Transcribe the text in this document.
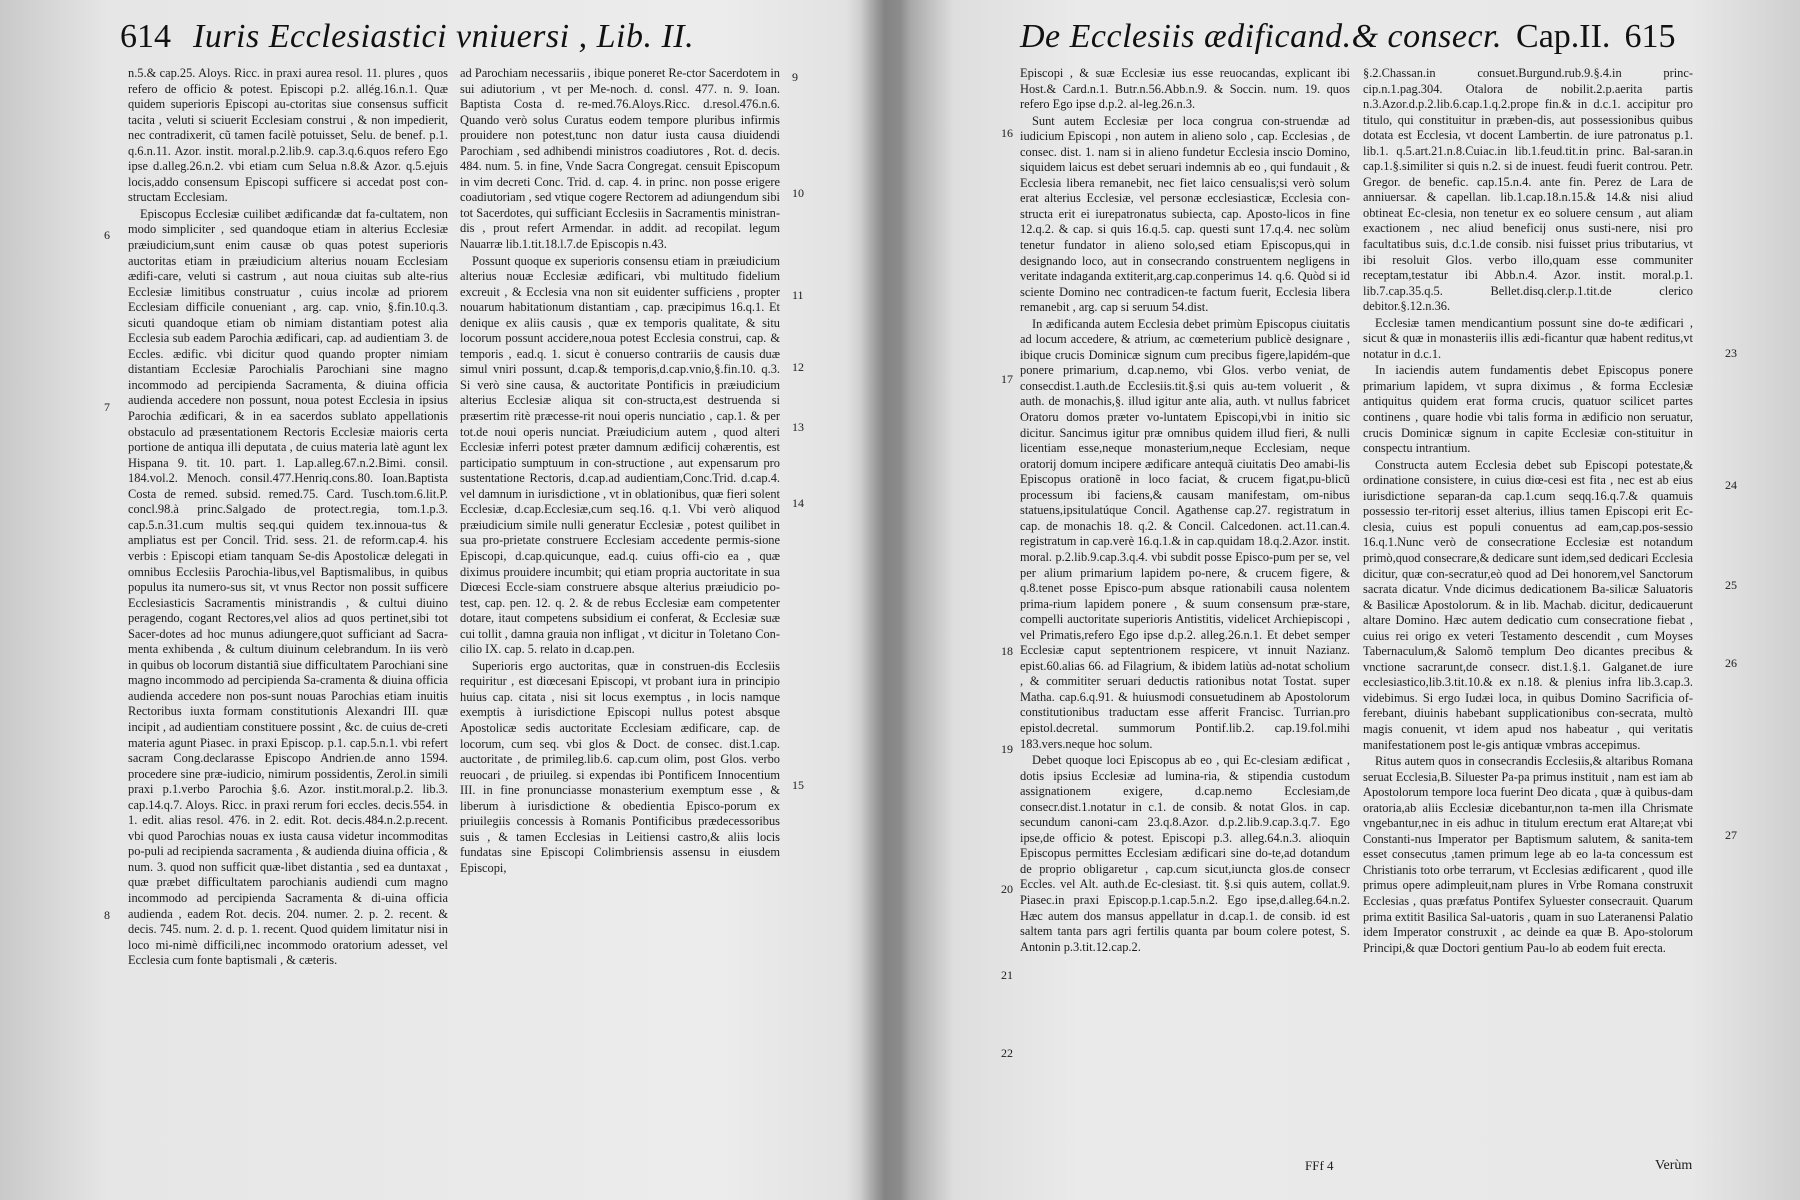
614 Iuris Ecclesiastici vniuersi , Lib. II.
6
7
8

n.5.& cap.25. Aloys. Ricc. in praxi aurea resol. 11. plures , quos refero de officio & potest. Episcopi p.2. allég.16.n.1. Quæ quidem superioris Episcopi au-ctoritas siue consensus sufficit tacita , veluti si sciuerit Ecclesiam construi , & non impedierit, nec contradixerit, cũ tamen facilè potuisset, Selu. de benef. p.1. q.6.n.11. Azor. instit. moral.p.2.lib.9. cap.3.q.6.quos refero Ego ipse d.alleg.26.n.2. vbi etiam cum Selua n.8.& Azor. q.5.ejuis locis,addo consensum Episcopi sufficere si accedat post con-structam Ecclesiam.

Episcopus Ecclesiæ cuilibet ædificandæ dat fa-cultatem, non modo simpliciter , sed quandoque etiam in alterius Ecclesiæ præiudicium,sunt enim causæ ob quas potest superioris auctoritas etiam in præiudicium alterius nouam Ecclesiam ædifi-care, veluti si castrum , aut noua ciuitas sub alte-rius Ecclesiæ limitibus construatur , cuius incolæ ad priorem Ecclesiam difficile conueniant , arg. cap. vnio, §.fin.10.q.3. sicuti quandoque etiam ob nimiam distantiam potest alia Ecclesia sub eadem Parochia ædificari, cap. ad audientiam 3. de Eccles. ædific. vbi dicitur quod quando propter nimiam distantiam Ecclesiæ Parochialis Parochiani sine magno incommodo ad percipienda Sacramenta, & diuina officia audienda accedere non possunt, noua potest Ecclesia in ipsius Parochia ædificari, & in ea sacerdos sublato appellationis obstaculo ad præsentationem Rectoris Ecclesiæ maioris certa portione de antiqua illi deputata , de cuius materia latè agunt lex Hispana 9. tit. 10. part. 1. Lap.alleg.67.n.2.Bimi. consil. 184.vol.2. Menoch. consil.477.Henriq.cons.80. Ioan.Baptista Costa de remed. subsid. remed.75. Card. Tusch.tom.6.lit.P. concl.98.à princ.Salgado de protect.regia, tom.1.p.3. cap.5.n.31.cum multis seq.qui quidem tex.innoua-tus & ampliatus est per Concil. Trid. sess. 21. de reform.cap.4. his verbis : Episcopi etiam tanquam Se-dis Apostolicæ delegati in omnibus Ecclesiis Parochia-libus,vel Baptismalibus, in quibus populus ita numero-sus sit, vt vnus Rector non possit sufficere Ecclesiasticis Sacramentis ministrandis , & cultui diuino peragendo, cogant Rectores,vel alios ad quos pertinet,sibi tot Sacer-dotes ad hoc munus adiungere,quot sufficiant ad Sacra-menta exhibenda , & cultum diuinum celebrandum. In iis verò in quibus ob locorum distantiã siue difficultatem Parochiani sine magno incommodo ad percipienda Sa-cramenta & diuina officia audienda accedere non pos-sunt nouas Parochias etiam inuitis Rectoribus iuxta formam constitutionis Alexandri III. quæ incipit , ad audientiam constituere possint , &c. de cuius de-creti materia agunt Piasec. in praxi Episcop. p.1. cap.5.n.1. vbi refert sacram Cong.declarasse Episcopo Andrien.de anno 1594. procedere sine præ-iudicio, nimirum possidentis, Zerol.in simili praxi p.1.verbo Parochia §.6. Azor. instit.moral.p.2. lib.3. cap.14.q.7. Aloys. Ricc. in praxi rerum fori eccles. decis.554. in 1. edit. alias resol. 476. in 2. edit. Rot. decis.484.n.2.p.recent. vbi quod Parochias nouas ex iusta causa videtur incommoditas po-puli ad recipienda sacramenta , & audienda diuina officia , & num. 3. quod non sufficit quæ-libet distantia , sed ea duntaxat , quæ præbet difficultatem parochianis audiendi cum magno incommodo ad percipienda Sacramenta & di-uina officia audienda , eadem Rot. decis. 204. numer. 2. p. 2. recent. & decis. 745. num. 2. d. p. 1. recent. Quod quidem limitatur nisi in loco mi-nimè difficili,nec incommodo oratorium adesset, vel Ecclesia cum fonte baptismali , & cæteris.

ad Parochiam necessariis , ibique poneret Re-ctor Sacerdotem in sui adiutorium , vt per Me-noch. d. consl. 477. n. 9. Ioan. Baptista Costa d. re-med.76.Aloys.Ricc. d.resol.476.n.6. Quando verò solus Curatus eodem tempore pluribus infirmis prouidere non potest,tunc non datur iusta causa diuidendi Parochiam , sed adhibendi ministros coadiutores , Rot. d. decis. 484. num. 5. in fine, Vnde Sacra Congregat. censuit Episcopum in vim decreti Conc. Trid. d. cap. 4. in princ. non posse erigere coadiutoriam , sed vtique cogere Rectorem ad adiungendum sibi tot Sacerdotes, qui sufficiant Ecclesiis in Sacramentis ministran-dis , prout refert Armendar. in addit. ad recopilat. legum Nauarræ lib.1.tit.18.l.7.de Episcopis n.43.

Possunt quoque ex superioris consensu etiam in præiudicium alterius nouæ Ecclesiæ ædificari, vbi multitudo fidelium excreuit , & Ecclesia vna non sit euidenter sufficiens , propter nouarum habitationum distantiam , cap. præcipimus 16.q.1. Et denique ex aliis causis , quæ ex temporis qualitate, & situ locorum possunt accidere,noua potest Ecclesia construi, cap. & temporis , ead.q. 1. sicut è conuerso contrariis de causis duæ simul vniri possunt, d.cap.& temporis,d.cap.vnio,§.fin.10. q.3. Si verò sine causa, & auctoritate Pontificis in præiudicium alterius Ecclesiæ aliqua sit con-structa,est destruenda si præsertim ritè præcesse-rit noui operis nunciatio , cap.1. & per tot.de noui operis nunciat. Præiudicium autem , quod alteri Ecclesiæ inferri potest præter damnum ædificij cohærentis, est participatio sumptuum in con-structione , aut expensarum pro sustentatione Rectoris, d.cap.ad audientiam,Conc.Trid. d.cap.4. vel damnum in iurisdictione , vt in oblationibus, quæ fieri solent Ecclesiæ, d.cap.Ecclesiæ,cum seq.16. q.1. Vbi verò aliquod præiudicium simile nulli generatur Ecclesiæ , potest quilibet in sua pro-prietate construere Ecclesiam accedente permis-sione Episcopi, d.cap.quicunque, ead.q. cuius offi-cio ea , quæ diximus prouidere incumbit; qui etiam propria auctoritate in sua Diœcesi Eccle-siam construere absque alterius præiudicio po-test, cap. pen. 12. q. 2. & de rebus Ecclesiæ eam competenter dotare, itaut competens subsidium ei conferat, & Ecclesiæ suæ cui tollit , damna grauia non infligat , vt dicitur in Toletano Con-cilio IX. cap. 5. relato in d.cap.pen.

Superioris ergo auctoritas, quæ in construen-dis Ecclesiis requiritur , est diœcesani Episcopi, vt probant iura in principio huius cap. citata , nisi sit locus exemptus , in locis namque exemptis à iurisdictione Episcopi nullus potest absque Apostolicæ sedis auctoritate Ecclesiam ædificare, cap. de locorum, cum seq. vbi glos & Doct. de consec. dist.1.cap. auctoritate , de primileg.lib.6. cap.cum olim, post Glos. verbo reuocari , de priuileg. si expendas ibi Pontificem Innocentium III. in fine pronunciasse monasterium exemptum esse , & liberum à iurisdictione & obedientia Episco-porum ex priuilegiis concessis à Romanis Pontificibus prædecessoribus suis , & tamen Ecclesias in Leitiensi castro,& aliis locis fundatas sine Episcopi Colimbriensis assensu in eiusdem Episcopi,

9
10
11
12
13
14
15
De Ecclesiis ædificand.& consecr. Cap.II. 615
16
17
18
19
20
21
22

Episcopi , & suæ Ecclesiæ ius esse reuocandas, explicant ibi Host.& Card.n.1. Butr.n.56.Abb.n.9. & Soccin. num. 19. quos refero Ego ipse d.p.2. al-leg.26.n.3.

Sunt autem Ecclesiæ per loca congrua con-struendæ ad iudicium Episcopi , non autem in alieno solo , cap. Ecclesias , de consec. dist. 1. nam si in alieno fundetur Ecclesia inscio Domino, siquidem laicus est debet seruari indemnis ab eo , qui fundauit , & Ecclesia libera remanebit, nec fiet laico censualis;si verò solum erat alterius Ecclesiæ, vel personæ ecclesiasticæ, Ecclesia con-structa erit ei iurepatronatus subiecta, cap. Aposto-licos in fine 12.q.2. & cap. si quis 16.q.5. cap. questi sunt 17.q.4. nec solùm tenetur fundator in alieno solo,sed etiam Episcopus,qui in designando loco, aut in consecrando construentem negligens in veritate indaganda extiterit,arg.cap.conperimus 14. q.6. Quòd si id sciente Domino nec contradicen-te factum fuerit, Ecclesia libera remanebit , arg. cap si seruum 54.dist.

In ædificanda autem Ecclesia debet primùm Episcopus ciuitatis ad locum accedere, & atrium, ac cœmeterium publicè designare , ibique crucis Dominicæ signum cum precibus figere,lapidém-que ponere primarium, d.cap.nemo, vbi Glos. verbo veniat, de consecdist.1.auth.de Ecclesiis.tit.§.si quis au-tem voluerit , & auth. de monachis,§. illud igitur ante alia, auth. vt nullus fabricet Oratoru domos præter vo-luntatem Episcopi,vbi in initio sic dicitur. Sancimus igitur præ omnibus quidem illud fieri, & nulli licentiam esse,neque monasterium,neque Ecclesiam, neque oratorij domum incipere ædificare antequã ciuitatis Deo amabi-lis Episcopus orationẽ in loco faciat, & crucem figat,pu-blicũ processum ibi faciens,& causam manifestam, om-nibus statuens,ipsitulatúque Concil. Agathense cap.27. registratum in cap. de monachis 18. q.2. & Concil. Calcedonen. act.11.can.4. registratum in cap.verè 16.q.1.& in cap.quidam 18.q.2.Azor. instit. moral. p.2.lib.9.cap.3.q.4. vbi subdit posse Episco-pum per se, vel per alium primarium lapidem po-nere, & crucem figere, & q.8.tenet posse Episco-pum absque rationabili causa nolentem prima-rium lapidem ponere , & suum consensum præ-stare, compelli auctoritate superioris Antistitis, videlicet Archiepiscopi , vel Primatis,refero Ego ipse d.p.2. alleg.26.n.1. Et debet semper Ecclesiæ caput septentrionem respicere, vt innuit Nazianz. epist.60.alias 66. ad Filagrium, & ibidem latiùs ad-notat scholium , & commititer seruari deductis rationibus notat Tostat. super Matha. cap.6.q.91. & huiusmodi consuetudinem ab Apostolorum constitutionibus traductam esse afferit Francisc. Turrian.pro epistol.decretal. summorum Pontif.lib.2. cap.19.fol.mihi 183.vers.neque hoc solum.

Debet quoque loci Episcopus ab eo , qui Ec-clesiam ædificat , dotis ipsius Ecclesiæ ad lumina-ria, & stipendia custodum assignationem exigere, d.cap.nemo Ecclesiam,de consecr.dist.1.notatur in c.1. de consib. & notat Glos. in cap. secundum canoni-cam 23.q.8.Azor. d.p.2.lib.9.cap.3.q.7. Ego ipse,de officio & potest. Episcopi p.3. alleg.64.n.3. alioquin Episcopus permittes Ecclesiam ædificari sine do-te,ad dotandum de proprio obligaretur , cap.cum sicut,iuncta glos.de consecr Eccles. vel Alt. auth.de Ec-clesiast. tit. §.si quis autem, collat.9. Piasec.in praxi Episcop.p.1.cap.5.n.2. Ego ipse,d.alleg.64.n.2. Hæc autem dos mansus appellatur in d.cap.1. de consib. id est saltem tanta pars agri fertilis quanta par boum colere potest, S. Antonin p.3.tit.12.cap.2.

§.2.Chassan.in consuet.Burgund.rub.9.§.4.in princ-cip.n.1.pag.304. Otalora de nobilit.2.p.aerita partis n.3.Azor.d.p.2.lib.6.cap.1.q.2.prope fin.& in d.c.1. accipitur pro titulo, qui constituitur in præben-dis, aut possessionibus quibus dotata est Ecclesia, vt docent Lambertin. de iure patronatus p.1. lib.1. q.5.art.21.n.8.Cuiac.in lib.1.feud.tit.in princ. Bal-saran.in cap.1.§.similiter si quis n.2. si de inuest. feudi fuerit controu. Petr. Gregor. de benefic. cap.15.n.4. ante fin. Perez de Lara de anniuersar. & capellan. lib.1.cap.18.n.15.& 14.& nisi aliud obtineat Ec-clesia, non tenetur ex eo soluere censum , aut aliam exactionem , nec aliud beneficij onus susti-nere, nisi pro facultatibus suis, d.c.1.de consib. nisi fuisset prius tributarius, vt ibi resoluit Glos. verbo illo,quam esse communiter receptam,testatur ibi Abb.n.4. Azor. instit. moral.p.1. lib.7.cap.35.q.5. Bellet.disq.cler.p.1.tit.de clerico debitor.§.12.n.36.

Ecclesiæ tamen mendicantium possunt sine do-te ædificari , sicut & quæ in monasteriis illis ædi-ficantur quæ habent reditus,vt notatur in d.c.1.

In iaciendis autem fundamentis debet Episcopus ponere primarium lapidem, vt supra diximus , & forma Ecclesiæ antiquitus quidem erat forma crucis, quatuor scilicet partes continens , quare hodie vbi talis forma in ædificio non seruatur, crucis Dominicæ signum in capite Ecclesiæ con-stituitur in conspectu intrantium.

Constructa autem Ecclesia debet sub Episcopi potestate,& ordinatione consistere, in cuius diœ-cesi est fita , nec est ab eius iurisdictione separan-da cap.1.cum seqq.16.q.7.& quamuis possessio ter-ritorij esset alterius, illius tamen Episcopi erit Ec-clesia, cuius est populi conuentus ad eam,cap.pos-sessio 16.q.1.Nunc verò de consecratione Ecclesiæ est notandum primò,quod consecrare,& dedicare sunt idem,sed dedicari Ecclesia dicitur, quæ con-secratur,eò quod ad Dei honorem,vel Sanctorum sacrata dicatur. Vnde dicimus dedicationem Ba-silicæ Saluatoris & Basilicæ Apostolorum. & in lib. Machab. dicitur, dedicauerunt altare Domino. Hæc autem dedicatio cum consecratione fiebat , cuius rei origo ex veteri Testamento descendit , cum Moyses Tabernaculum,& Salomõ templum Deo dicantes precibus & vnctione sacrarunt,de consecr. dist.1.§.1. Galganet.de iure ecclesiastico,lib.3.tit.10.& ex n.18. & plenius infra lib.3.cap.3. videbimus. Si ergo Iudæi loca, in quibus Domino Sacrificia of-ferebant, diuinis habebant supplicationibus con-secrata, multò magis conuenit, vt idem apud nos habeatur , qui veritatis manifestationem post le-gis antiquæ vmbras accepimus.

Ritus autem quos in consecrandis Ecclesiis,& altaribus Romana seruat Ecclesia,B. Siluester Pa-pa primus instituit , nam est iam ab Apostolorum tempore loca fuerint Deo dicata , quæ à quibus-dam oratoria,ab aliis Ecclesiæ dicebantur,non ta-men illa Chrismate vngebantur,nec in eis adhuc in titulum erectum erat Altare;at vbi Constanti-nus Imperator per Baptismum salutem, & sanita-tem esset consecutus ,tamen primum lege ab eo la-ta concessum est Christianis toto orbe terrarum, vt Ecclesias ædificarent , quod ille primus opere adimpleuit,nam plures in Vrbe Romana construxit Ecclesias , quas præfatus Pontifex Syluester consecrauit. Quarum prima extitit Basilica Sal-uatoris , quam in suo Lateranensi Palatio idem Imperator construxit , ac deinde ea quæ B. Apo-stolorum Principi,& quæ Doctori gentium Pau-lo ab eodem fuit erecta.

23
24
25
26
27
FFf 4	Verùm
